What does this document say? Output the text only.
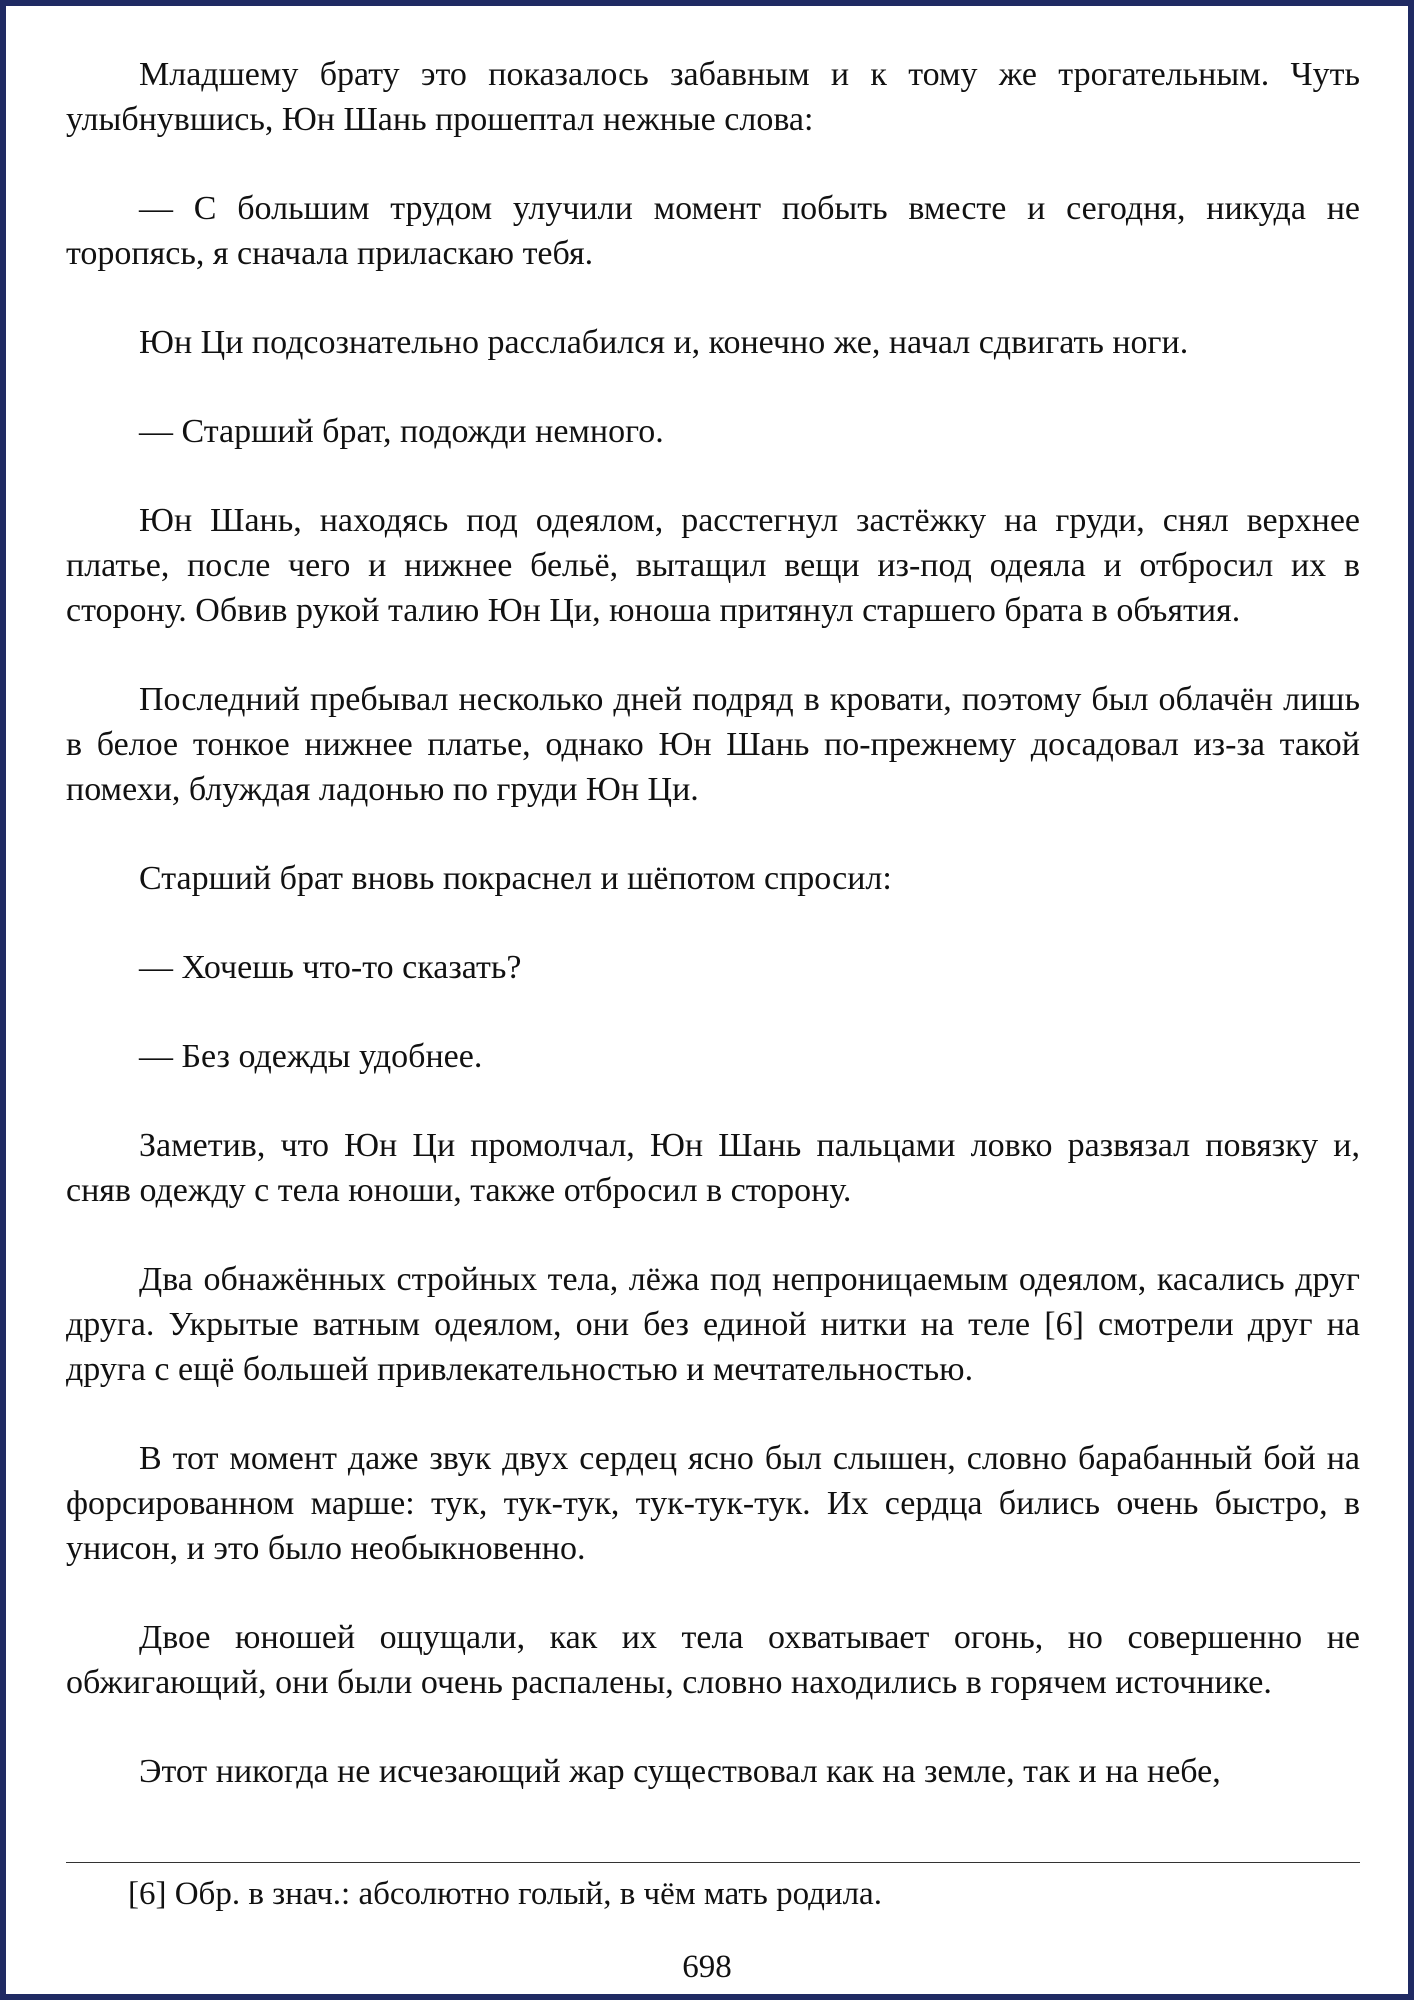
Младшему брату это показалось забавным и к тому же трогательным. Чуть улыбнувшись, Юн Шань прошептал нежные слова:

— С большим трудом улучили момент побыть вместе и сегодня, никуда не торопясь, я сначала приласкаю тебя.

Юн Ци подсознательно расслабился и, конечно же, начал сдвигать ноги.

— Старший брат, подожди немного.

Юн Шань, находясь под одеялом, расстегнул застёжку на груди, снял верхнее платье, после чего и нижнее бельё, вытащил вещи из-под одеяла и отбросил их в сторону. Обвив рукой талию Юн Ци, юноша притянул старшего брата в объятия.

Последний пребывал несколько дней подряд в кровати, поэтому был облачён лишь в белое тонкое нижнее платье, однако Юн Шань по-прежнему досадовал из-за такой помехи, блуждая ладонью по груди Юн Ци.

Старший брат вновь покраснел и шёпотом спросил:

— Хочешь что-то сказать?

— Без одежды удобнее.

Заметив, что Юн Ци промолчал, Юн Шань пальцами ловко развязал повязку и, сняв одежду с тела юноши, также отбросил в сторону.

Два обнажённых стройных тела, лёжа под непроницаемым одеялом, касались друг друга. Укрытые ватным одеялом, они без единой нитки на теле [6] смотрели друг на друга с ещё большей привлекательностью и мечтательностью.

В тот момент даже звук двух сердец ясно был слышен, словно барабанный бой на форсированном марше: тук, тук-тук, тук-тук-тук. Их сердца бились очень быстро, в унисон, и это было необыкновенно.

Двое юношей ощущали, как их тела охватывает огонь, но совершенно не обжигающий, они были очень распалены, словно находились в горячем источнике.

Этот никогда не исчезающий жар существовал как на земле, так и на небе,

[6] Обр. в знач.: абсолютно голый, в чём мать родила.

698
